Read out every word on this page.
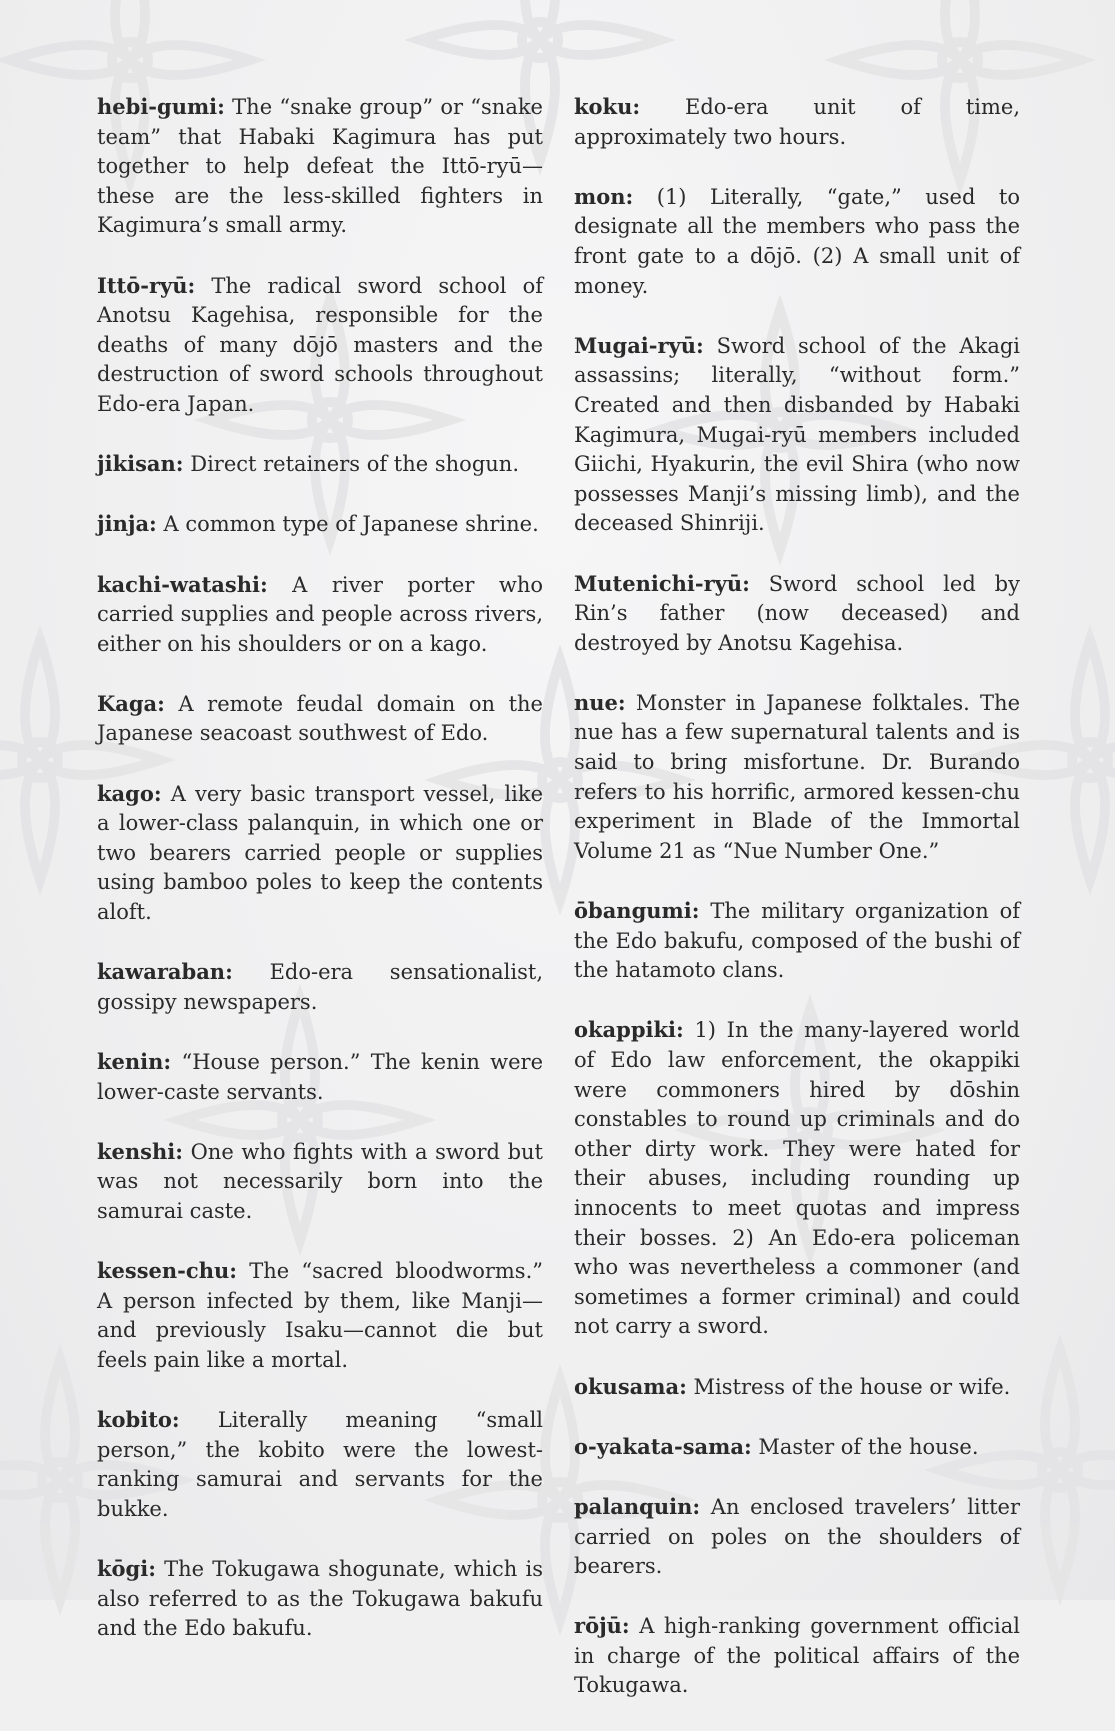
hebi-gumi: The “snake group” or “snake team” that Habaki Kagimura has put together to help defeat the Ittō-ryū—these are the less-skilled fighters in Kagimura’s small army.

Ittō-ryū: The radical sword school of Anotsu Kagehisa, responsible for the deaths of many dōjō masters and the destruction of sword schools throughout Edo-era Japan.

jikisan: Direct retainers of the shogun.

jinja: A common type of Japanese shrine.

kachi-watashi: A river porter who carried supplies and people across rivers, either on his shoulders or on a kago.

Kaga: A remote feudal domain on the Japanese seacoast southwest of Edo.

kago: A very basic transport vessel, like a lower-class palanquin, in which one or two bearers carried people or supplies using bamboo poles to keep the contents aloft.

kawaraban: Edo-era sensationalist, gossipy newspapers.

kenin: “House person.” The kenin were lower-caste servants.

kenshi: One who fights with a sword but was not necessarily born into the samurai caste.

kessen-chu: The “sacred bloodworms.” A person infected by them, like Manji—and previously Isaku—cannot die but feels pain like a mortal.

kobito: Literally meaning “small person,” the kobito were the lowest-ranking samurai and servants for the bukke.

kōgi: The Tokugawa shogunate, which is also referred to as the Tokugawa bakufu and the Edo bakufu.

koku: Edo-era unit of time, approximately two hours.

mon: (1) Literally, “gate,” used to designate all the members who pass the front gate to a dōjō. (2) A small unit of money.

Mugai-ryū: Sword school of the Akagi assassins; literally, “without form.” Created and then disbanded by Habaki Kagimura, Mugai-ryū members included Giichi, Hyakurin, the evil Shira (who now possesses Manji’s missing limb), and the deceased Shinriji.

Mutenichi-ryū: Sword school led by Rin’s father (now deceased) and destroyed by Anotsu Kagehisa.

nue: Monster in Japanese folktales. The nue has a few supernatural talents and is said to bring misfortune. Dr. Burando refers to his horrific, armored kessen-chu experiment in Blade of the Immortal Volume 21 as “Nue Number One.”

ōbangumi: The military organization of the Edo bakufu, composed of the bushi of the hatamoto clans.

okappiki: 1) In the many-layered world of Edo law enforcement, the okappiki were commoners hired by dōshin constables to round up criminals and do other dirty work. They were hated for their abuses, including rounding up innocents to meet quotas and impress their bosses. 2) An Edo-era policeman who was nevertheless a commoner (and sometimes a former criminal) and could not carry a sword.

okusama: Mistress of the house or wife.

o-yakata-sama: Master of the house.

palanquin: An enclosed travelers’ litter carried on poles on the shoulders of bearers.

rōjū: A high-ranking government official in charge of the political affairs of the Tokugawa.
